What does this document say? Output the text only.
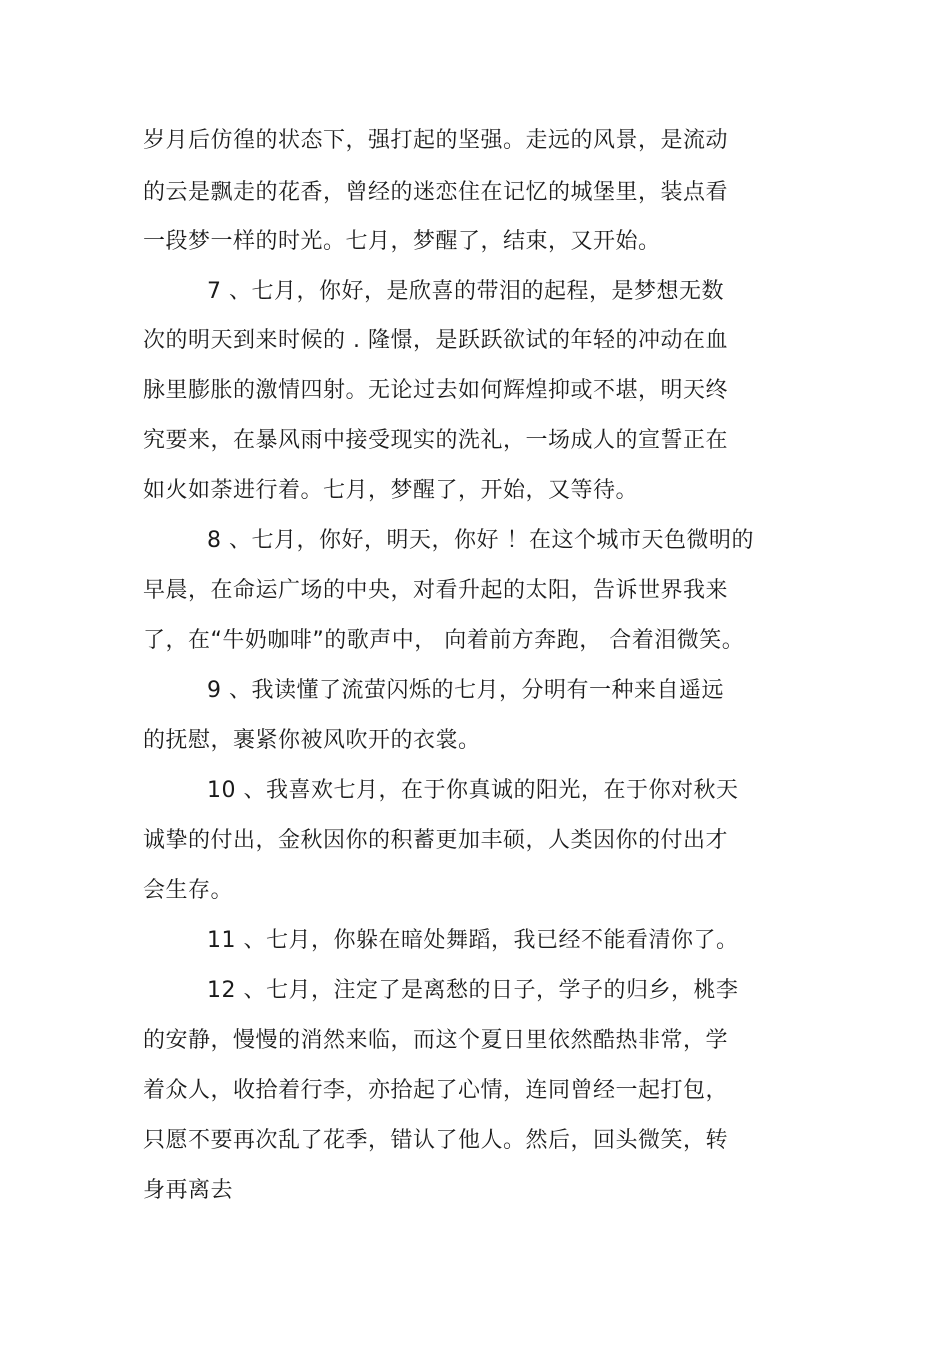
岁月后仿徨的状态下，强打起的坚强。走远的风景，是流动
的云是飘走的花香，曾经的迷恋住在记忆的城堡里，装点看
一段梦一样的时光。七月，梦醒了，结束，又开始。
7 、七月，你好，是欣喜的带泪的起程，是梦想无数
次的明天到来时候的 . 隆憬，是跃跃欲试的年轻的冲动在血
脉里膨胀的激情四射。无论过去如何辉煌抑或不堪，明天终
究要来，在暴风雨中接受现实的洗礼，一场成人的宣誓正在
如火如荼进行着。七月，梦醒了，开始，又等待。
8 、七月，你好，明天，你好 ！在这个城市天色微明的
早晨，在命运广场的中央，对看升起的太阳，告诉世界我来
了，在“牛奶咖啡”的歌声中， 向着前方奔跑， 合着泪微笑。
9 、我读懂了流萤闪烁的七月，分明有一种来自遥远
的抚慰，裹紧你被风吹开的衣裳。
10 、我喜欢七月，在于你真诚的阳光，在于你对秋天
诚挚的付出，金秋因你的积蓄更加丰硕，人类因你的付出才
会生存。
11 、七月，你躲在暗处舞蹈，我已经不能看清你了。
12 、七月，注定了是离愁的日子，学子的归乡，桃李
的安静，慢慢的消然来临，而这个夏日里依然酷热非常，学
着众人，收拾着行李，亦拾起了心情，连同曾经一起打包，
只愿不要再次乱了花季，错认了他人。然后，回头微笑，转
身再离去
